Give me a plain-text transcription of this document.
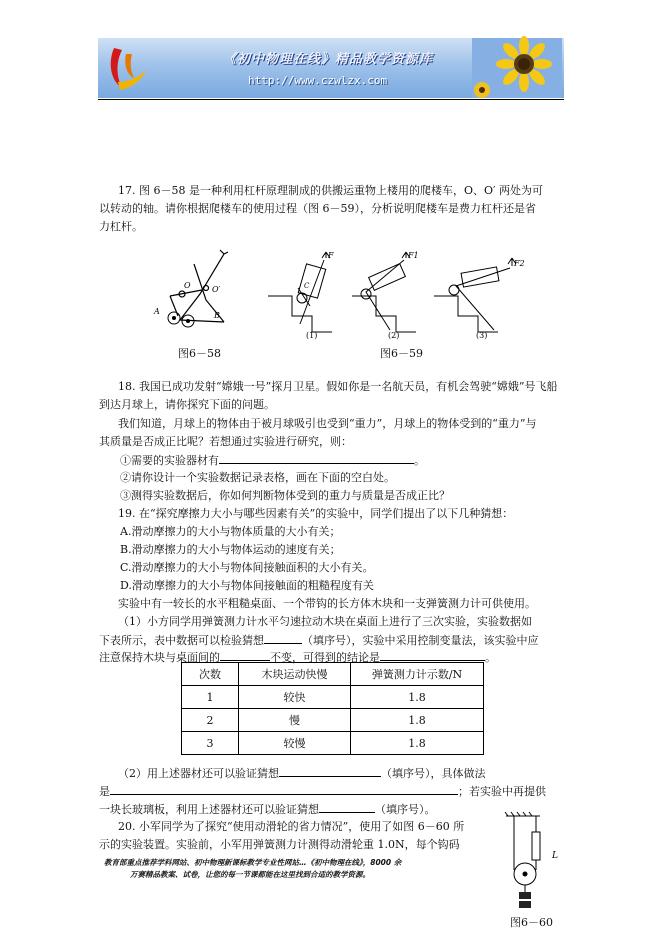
《初中物理在线》精品教学资源库
http://www.czwlzx.com
17. 图 6－58 是一种利用杠杆原理制成的供搬运重物上楼用的爬楼车，O、O′ 两处为可
以转动的轴。请你根据爬楼车的使用过程（图 6－59），分析说明爬楼车是费力杠杆还是省
力杠杆。
A	B
O	O′
F	F1
F2
C
(1)	(2)	(3)
图6－58	图6－59
18. 我国已成功发射“嫦娥一号”探月卫星。假如你是一名航天员，有机会驾驶“嫦娥”号飞船
到达月球上，请你探究下面的问题。
我们知道，月球上的物体由于被月球吸引也受到“重力”，月球上的物体受到的“重力”与
其质量是否成正比呢？若想通过实验进行研究，则：
①需要的实验器材有	。
②请你设计一个实验数据记录表格，画在下面的空白处。
③测得实验数据后，你如何判断物体受到的重力与质量是否成正比？
19. 在“探究摩擦力大小与哪些因素有关”的实验中，同学们提出了以下几种猜想：
A.滑动摩擦力的大小与物体质量的大小有关；
B.滑动摩擦力的大小与物体运动的速度有关；
C.滑动摩擦力的大小与物体间接触面积的大小有关。
D.滑动摩擦力的大小与物体间接触面的粗糙程度有关
实验中有一较长的水平粗糙桌面、一个带钩的长方体木块和一支弹簧测力计可供使用。
（1）小方同学用弹簧测力计水平匀速拉动木块在桌面上进行了三次实验，实验数据如
下表所示，表中数据可以检验猜想	（填序号），实验中采用控制变量法，该实验中应
注意保持木块与桌面间的	不变，可得到的结论是	。
次数	木块运动快慢	弹簧测力计示数/N
1	较快	1.8
2	慢	1.8
3	较慢	1.8
（2）用上述器材还可以验证猜想	（填序号），具体做法
是	；若实验中再提供
一块长玻璃板，利用上述器材还可以验证猜想	（填序号）。
20. 小军同学为了探究“使用动滑轮的省力情况”，使用了如图 6－60 所
示的实验装置。实验前，小军用弹簧测力计测得动滑轮重 1.0N，每个钩码
L
图6－60
教育部重点推荐学科网站、初中物理新课标教学专业性网站…《初中物理在线》，8000 余
万赛精品教案、试卷，让您的每一节课都能在这里找到合适的教学资源。
